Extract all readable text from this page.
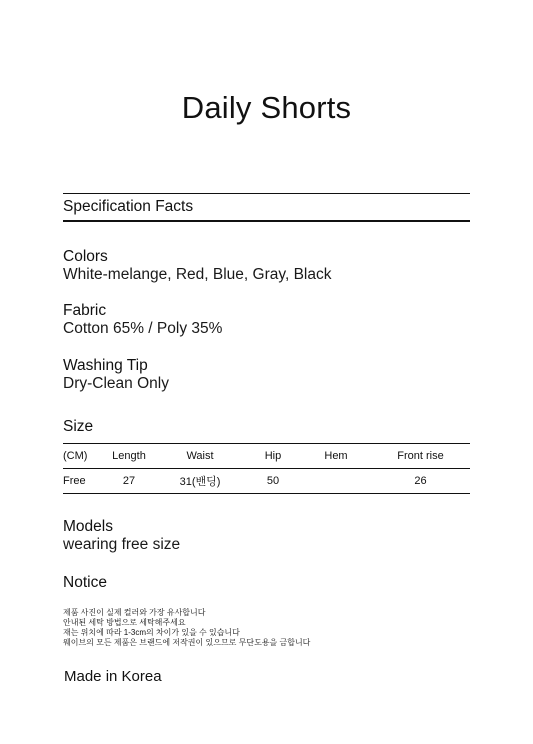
Daily Shorts
Specification Facts
Colors
White-melange, Red, Blue, Gray, Black
Fabric
Cotton 65% / Poly 35%
Washing Tip
Dry-Clean Only
Size
(CM)	Length	Waist	Hip	Hem	Front rise
Free	27	31(밴딩)	50		26
Models
wearing free size
Notice
제품 사진이 실제 컬러와 가장 유사합니다
안내된 세탁 방법으로 세탁해주세요
재는 위치에 따라 1-3cm의 차이가 있을 수 있습니다
웨이브의 모든 제품은 브랜드에 저작권이 있으므로 무단도용을 금합니다
Made in Korea
